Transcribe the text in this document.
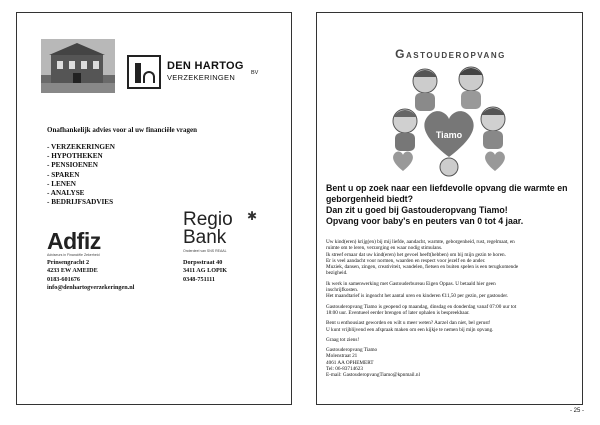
DEN HARTOG
BV
VERZEKERINGEN
Onafhankelijk advies voor al uw financiële vragen
- VERZEKERINGEN
- HYPOTHEKEN
- PENSIOENEN
- SPAREN
- LENEN
- ANALYSE
- BEDRIJFSADVIES
Adfiz
Adviseurs in Financiële Zekerheid
Regio
Bank
✱
Onderdeel van SNS REAAL
Prinsengracht 2
4233 EW AMEIDE
0183-601676
info@denhartogverzekeringen.nl
Dorpsstraat 40
3411 AG LOPIK
0348-751111
Gastouderopvang
Tiamo
Bent u op zoek naar een liefdevolle opvang die warmte en
geborgenheid biedt?
Dan zit u goed bij Gastouderopvang Tiamo!
Opvang voor baby's en peuters van 0 tot 4 jaar.

Uw kind(eren) krijg(en) bij mij liefde, aandacht, warmte, geborgenheid, rust, regelmaat, en
ruimte om te leren, verzorging en waar nodig stimulans.
Ik streef ernaar dat uw kind(eren) het gevoel heeft(hebben) om bij mijn gezin te horen.
Er is veel aandacht voor normen, waarden en respect voor jezelf en de ander.
Muziek, dansen, zingen, creativiteit, wandelen, fietsen en buiten spelen is een terugkomende
bezigheid.

Ik werk in samenwerking met Gastouderbureau Eigen Oppas. U betaald hier geen
inschrijfkosten.
Het maandtarief is ingeacht het aantal uren en kinderen €11,50 per gezin, per gastouder.

Gastouderopvang Tiamo is geopend op maandag, dinsdag en donderdag vanaf 07:00 uur tot
18:00 uur. Eventueel eerder brengen of later ophalen is bespreekbaar.

Bent u enthousiast geworden en wilt u meer weten? Aarzel dan niet, bel gerust!
U kunt vrijblijvend een afspraak maken om een kijkje te nemen bij mijn opvang.

Graag tot ziens!

Gastouderopvang Tiamo
Molenstraat 21
4061 AA OPHEMERT
Tel: 06-83714623
E-mail: GastouderopvangTiamo@kpnmail.nl

- 25 -
